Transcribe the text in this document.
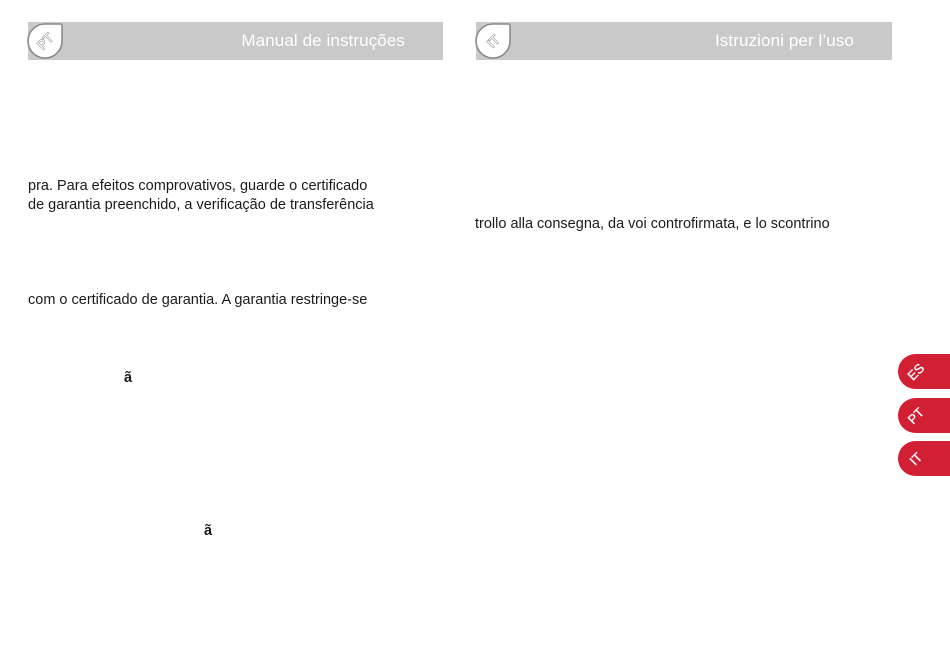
Manual de instruções
PT	Istruzioni per l’uso
IT
pra. Para efeitos comprovativos, guarde o certificado
de garantia preenchido, a verificação de transferência
com o certificado de garantia. A garantia restringe-se
ã
ã
trollo alla consegna, da voi controfirmata, e lo scontrino
ES
PT
IT
